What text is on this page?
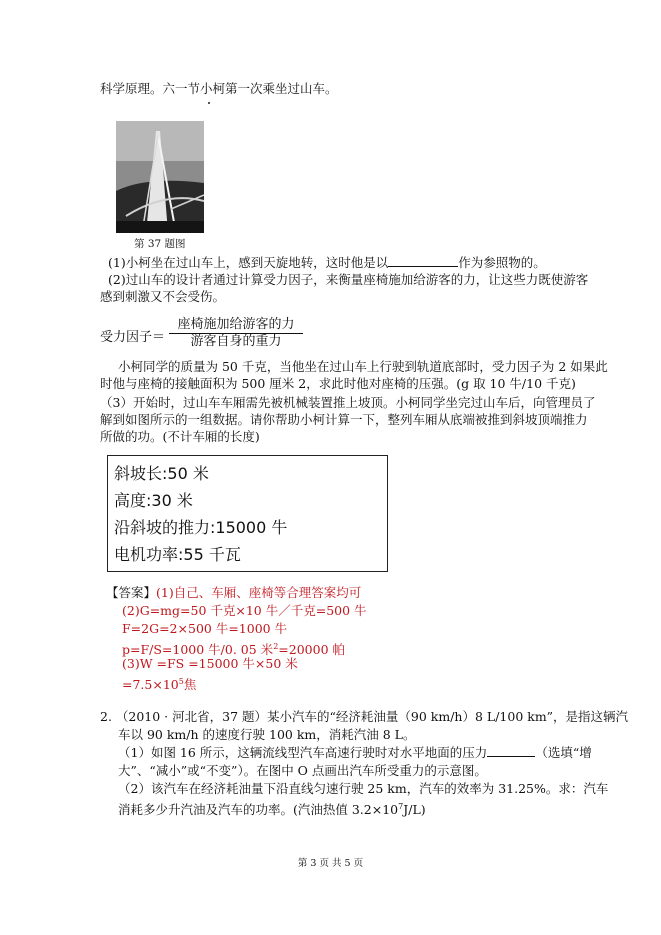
科学原理。六一节小柯第一次乘坐过山车。
第 37 题图
(1)小柯坐在过山车上，感到天旋地转，这时他是以	作为参照物的。
(2)过山车的设计者通过计算受力因子，来衡量座椅施加给游客的力，让这些力既使游客
感到刺激又不会受伤。
受力因子＝
座椅施加给游客的力
游客自身的重力
小柯同学的质量为 50 千克，当他坐在过山车上行驶到轨道底部时，受力因子为 2 如果此
时他与座椅的接触面积为 500 厘米 2，求此时他对座椅的压强。(g 取 10 牛/10 千克)
（3）开始时，过山车车厢需先被机械装置推上坡顶。小柯同学坐完过山车后，向管理员了
解到如图所示的一组数据。请你帮助小柯计算一下，整列车厢从底端被推到斜坡顶端推力
所做的功。(不计车厢的长度)
斜坡长:50 米
高度:30 米
沿斜坡的推力:15000 牛
电机功率:55 千瓦
【答案】(1)自己、车厢、座椅等合理答案均可
(2)G=mg=50 千克×10 牛／千克=500 牛
F=2G=2×500 牛=1000 牛
p=F/S=1000 牛/0. 05 米$^2$=20000 帕
(3)W =FS =15000 牛×50 米
$=7.5\times 10^5$焦
2. （2010 · 河北省，37 题）某小汽车的“经济耗油量（90 km/h）8 L/100 km”，是指这辆汽
车以 90 km/h 的速度行驶 100 km，消耗汽油 8 L。
（1）如图 16 所示，这辆流线型汽车高速行驶时对水平地面的压力	（选填“增
大”、“减小”或“不变”）。在图中 O 点画出汽车所受重力的示意图。
（2）该汽车在经济耗油量下沿直线匀速行驶 25 km，汽车的效率为 31.25%。求：汽车
消耗多少升汽油及汽车的功率。(汽油热值 $3.2\times 10^7J/L$)
第 3 页 共 5 页
